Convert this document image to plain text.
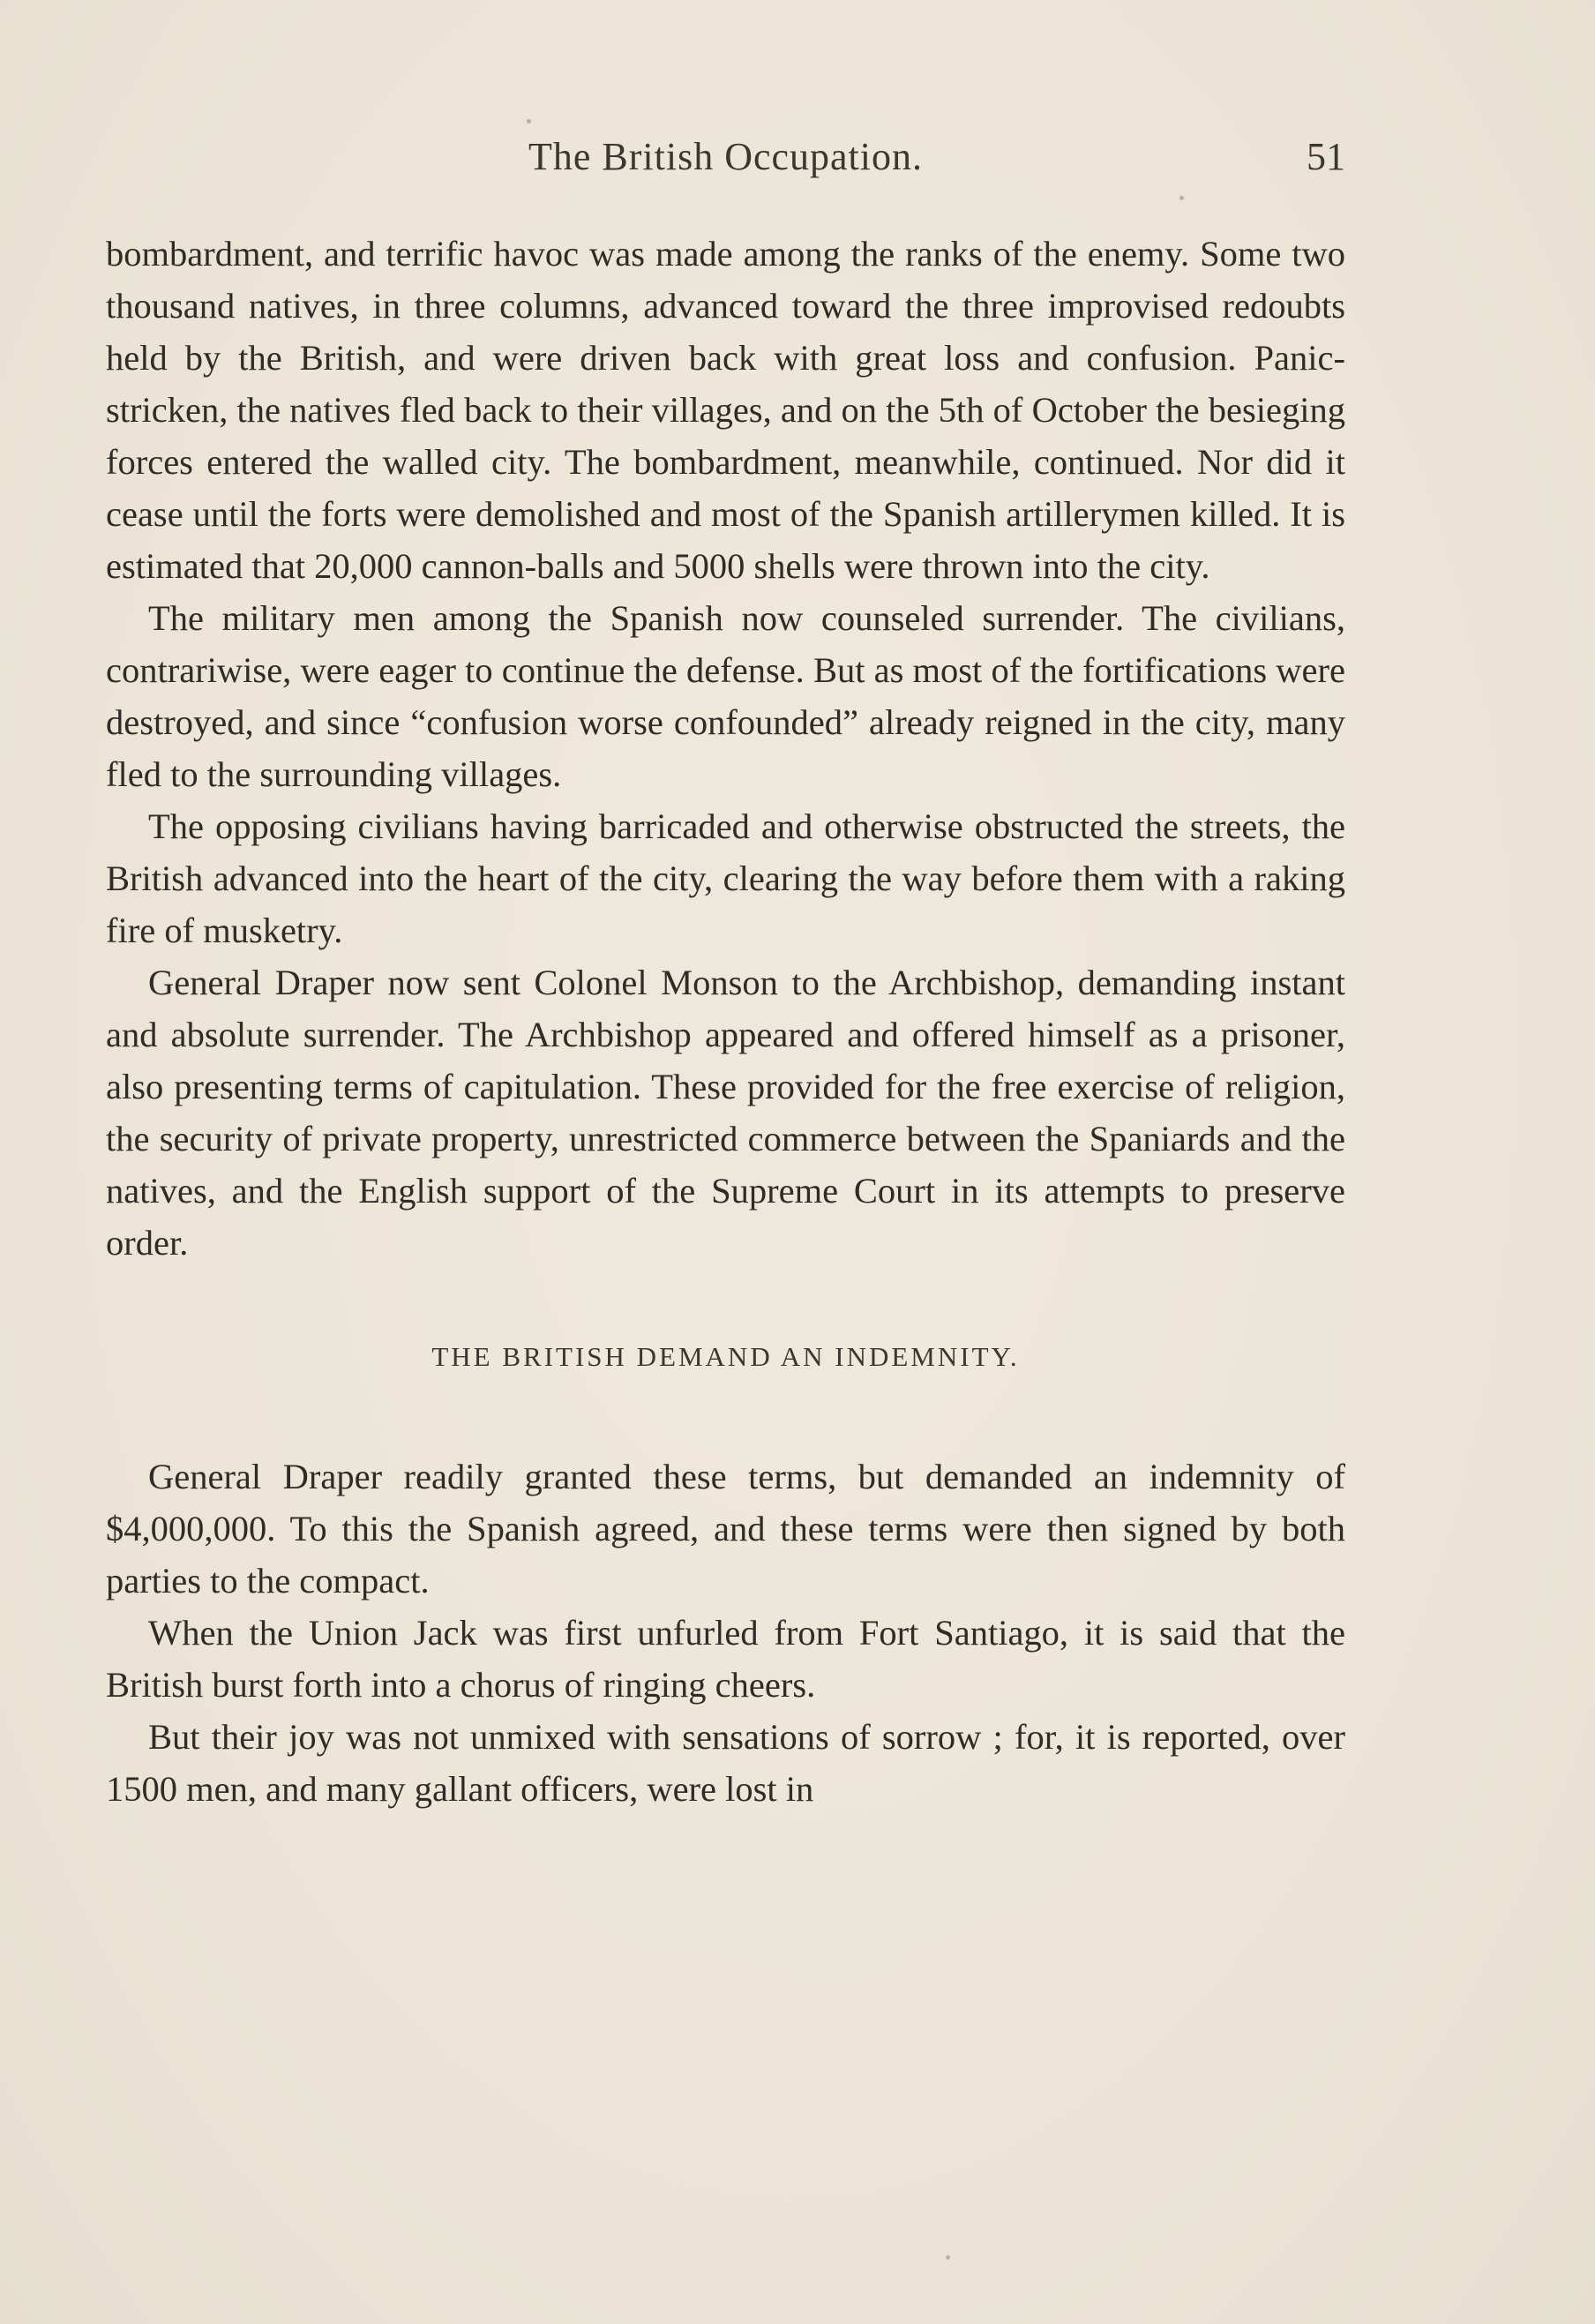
The British Occupation.	51

bombardment, and terrific havoc was made among the ranks of the enemy. Some two thousand natives, in three columns, advanced toward the three improvised redoubts held by the British, and were driven back with great loss and confusion. Panic-stricken, the natives fled back to their villages, and on the 5th of October the besieging forces entered the walled city. The bombardment, meanwhile, continued. Nor did it cease until the forts were demolished and most of the Spanish artillerymen killed. It is estimated that 20,000 cannon-balls and 5000 shells were thrown into the city.

The military men among the Spanish now counseled surrender. The civilians, contrariwise, were eager to continue the defense. But as most of the fortifications were destroyed, and since “confusion worse confounded” already reigned in the city, many fled to the surrounding villages.

The opposing civilians having barricaded and otherwise obstructed the streets, the British advanced into the heart of the city, clearing the way before them with a raking fire of musketry.

General Draper now sent Colonel Monson to the Archbishop, demanding instant and absolute surrender. The Archbishop appeared and offered himself as a prisoner, also presenting terms of capitulation. These provided for the free exercise of religion, the security of private property, unrestricted commerce between the Spaniards and the natives, and the English support of the Supreme Court in its attempts to preserve order.

THE BRITISH DEMAND AN INDEMNITY.

General Draper readily granted these terms, but demanded an indemnity of $4,000,000. To this the Spanish agreed, and these terms were then signed by both parties to the compact.

When the Union Jack was first unfurled from Fort Santiago, it is said that the British burst forth into a chorus of ringing cheers.

But their joy was not unmixed with sensations of sorrow ; for, it is reported, over 1500 men, and many gallant officers, were lost in
